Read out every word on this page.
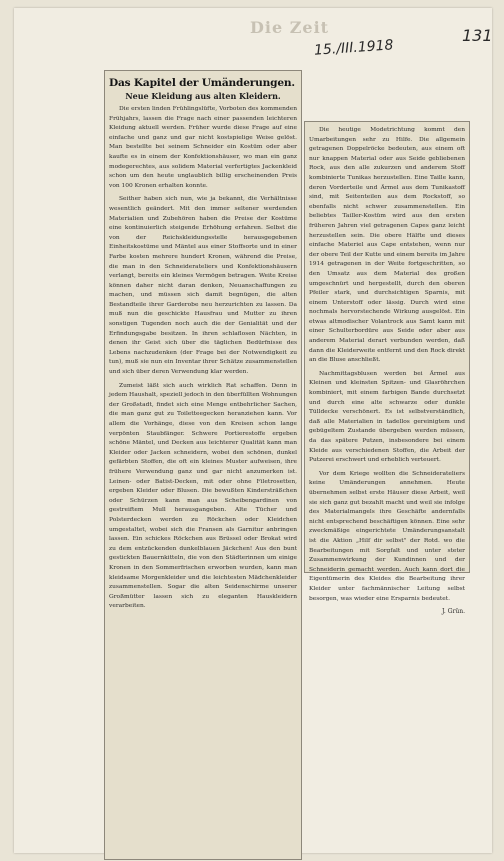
Die Zeit
15./III.1918
131
Das Kapitel der Umänderungen.
Neue Kleidung aus alten Kleidern.

Die ersten linden Frühlingslüfte, Vorboten des kommenden Frühjahrs, lassen die Frage nach einer passenden leichteren Kleidung aktuell werden. Früher wurde diese Frage auf eine einfache und ganz und gar nicht kostspielige Weise gelöst. Man bestellte bei seinem Schneider ein Kostüm oder aber kaufte es in einem der Konfektionshäuser, wo man ein ganz modegerechtes, aus solidem Material verfertigtes Jackenkleid schon um den heute unglaublich billig erscheinenden Preis von 100 Kronen erhalten konnte.

Seither haben sich nun, wie ja bekannt, die Verhältnisse wesentlich geändert. Mit den immer seltener werdenden Materialien und Zubehören haben die Preise der Kostüme eine kontinuierlich steigende Erhöhung erfahren. Selbst die von der Reichskleidungsstelle herausgegebenen Einheitskostüme und Mäntel aus einer Stoffsorte und in einer Farbe kosten mehrere hundert Kronen, während die Preise, die man in den Schneiderateliers und Konfektionshäusern verlangt, bereits ein kleines Vermögen betragen. Weite Kreise können daher nicht daran denken, Neuanschaffungen zu machen, und müssen sich damit begnügen, die alten Bestandteile ihrer Garderobe neu herzurichten zu lassen. Da muß nun die geschickte Hausfrau und Mutter zu ihren sonstigen Tugenden noch auch die der Genialität und der Erfindungsgabe besitzen. In ihren schlaflosen Nächten, in denen ihr Geist sich über die täglichen Bedürfnisse des Lebens nachzudenken (der Frage bei der Notwendigkeit zu tun), muß sie nun ein Inventar ihrer Schätze zusammenstellen und sich über deren Verwendung klar werden.

Zumeist läßt sich auch wirklich Rat schaffen. Denn in jedem Haushalt, speziell jedoch in den überfüllten Wohnungen der Großstadt, findet sich eine Menge entbehrlicher Sachen, die man ganz gut zu Toiletteegecken heranziehen kann. Vor allem die Vorhänge, diese von den Kreisen schon lange verpönten Staubfänger. Schwere Portierestoffe ergeben schöne Mäntel, und Decken aus leichterer Qualität kann man Kleider oder Jacken schneidern, wobei den schönen, dunkel gefärbten Stoffen, die oft ein kleines Muster aufweisen, ihre frühere Verwendung ganz und gar nicht anzumerken ist. Leinen- oder Batist-Decken, mit oder ohne Filetrosetten, ergeben Kleider oder Blusen. Die bewußten Kindersträßchen oder Schürzen kann man aus Scheibengardinen von gestreiftem Mull herausgangeben. Alte Tücher und Polsterdecken werden zu Röckchen oder Kleidchen umgestaltet, wobei sich die Fransen als Garnitur anbringen lassen. Ein schickes Röckchen aus Brüssel oder Brokat wird zu dem entzückenden dunkelblauen Jäckchen! Aus den bunt gestickten Bauernkitteln, die von den Städterinnen um einige Kronen in den Sommerfrischen erworben wurden, kann man kleidsame Morgenkleider und die leichtesten Mädchenkleider zusammenstellen. Sogar die alten Seidenschirme unserer Großmütter lassen sich zu eleganten Hauskleidern verarbeiten.

Die heutige Modetrichtung kommt den Umarbeitungen sehr zu Hilfe. Die allgemein getragenen Doppelröcke bedeuten, aus einem oft nur knappen Material oder aus Seide gebliebenen Rock, aus den alle zukurzen und anderem Stoff kombinierte Tunikas herzustellen. Eine Taille kann, deren Vorderteile und Ärmel aus dem Tunikastoff sind, mit Seitenteilen aus dem Rockstoff, so ebenfalls nicht schwer zusammenstellen. Ein beliebtes Tailler-Kostüm wird aus den ersten früheren Jahren viel getragenen Capes ganz leicht herzustellen sein. Die obere Hälfte und dieses einfache Materiel aus Cape entstehen, wenn nur der obere Teil der Kutte und einem bereits im Jahre 1914 getragenen in der Weite fortgeschritten, so den Umsatz aus dem Material des großen umgeschnürt und hergestellt, durch den oberen Pfeiler stark, und durchsichtigen Sparnis, mit einem Unterstoff oder lässig. Durch wird eine nochmals hervorstechende Wirkung ausgelöst. Ein etwas altmodischer Volantrock aus Samt kann mit einer Schulterbordüre aus Seide oder aber aus anderem Material derart verbunden werden, daß dann die Kleiderweite entfernt und den Rock direkt an die Bluse anschließt.

Nachmittagsblusen werden bei Ärmel aus Kleinen und kleinsten Spitzen- und Glasröhrchen kombiniert, mit einem farbigen Bande durchsetzt und durch eine alte schwarze oder dunkle Tülldecke verschönert. Es ist selbstverständlich, daß alle Materialien in tadellos gereinigtem und gebügeltem Zustande übergeben werden müssen, da das spätere Putzen, insbesondere bei einem Kleide aus verschiedenen Stoffen, die Arbeit der Putzerei erschwert und erheblich verteuert.

Vor dem Kriege wollten die Schneiderateliers keine Umänderungen annehmen. Heute übernehmen selbst erste Häuser diese Arbeit, weil sie sich ganz gut bezahlt macht und weil sie infolge des Materialmangels ihre Geschäfte andernfalls nicht entsprechend beschäftigen können. Eine sehr zweckmäßige eingerichtete Umänderungsanstalt ist die Aktion „Hilf dir selbst" der Rotd. wo die Bearbeitungen mit Sorgfalt und unter steter Zusammenwirkung der Kundinnen und der Schneiderin gemacht werden. Auch kann dort die Eigentümerin des Kleides die Bearbeitung ihrer Kleider unter fachmännischer Leitung selbst besorgen, was wieder eine Ersparnis bedeutet.

J. Grün.
